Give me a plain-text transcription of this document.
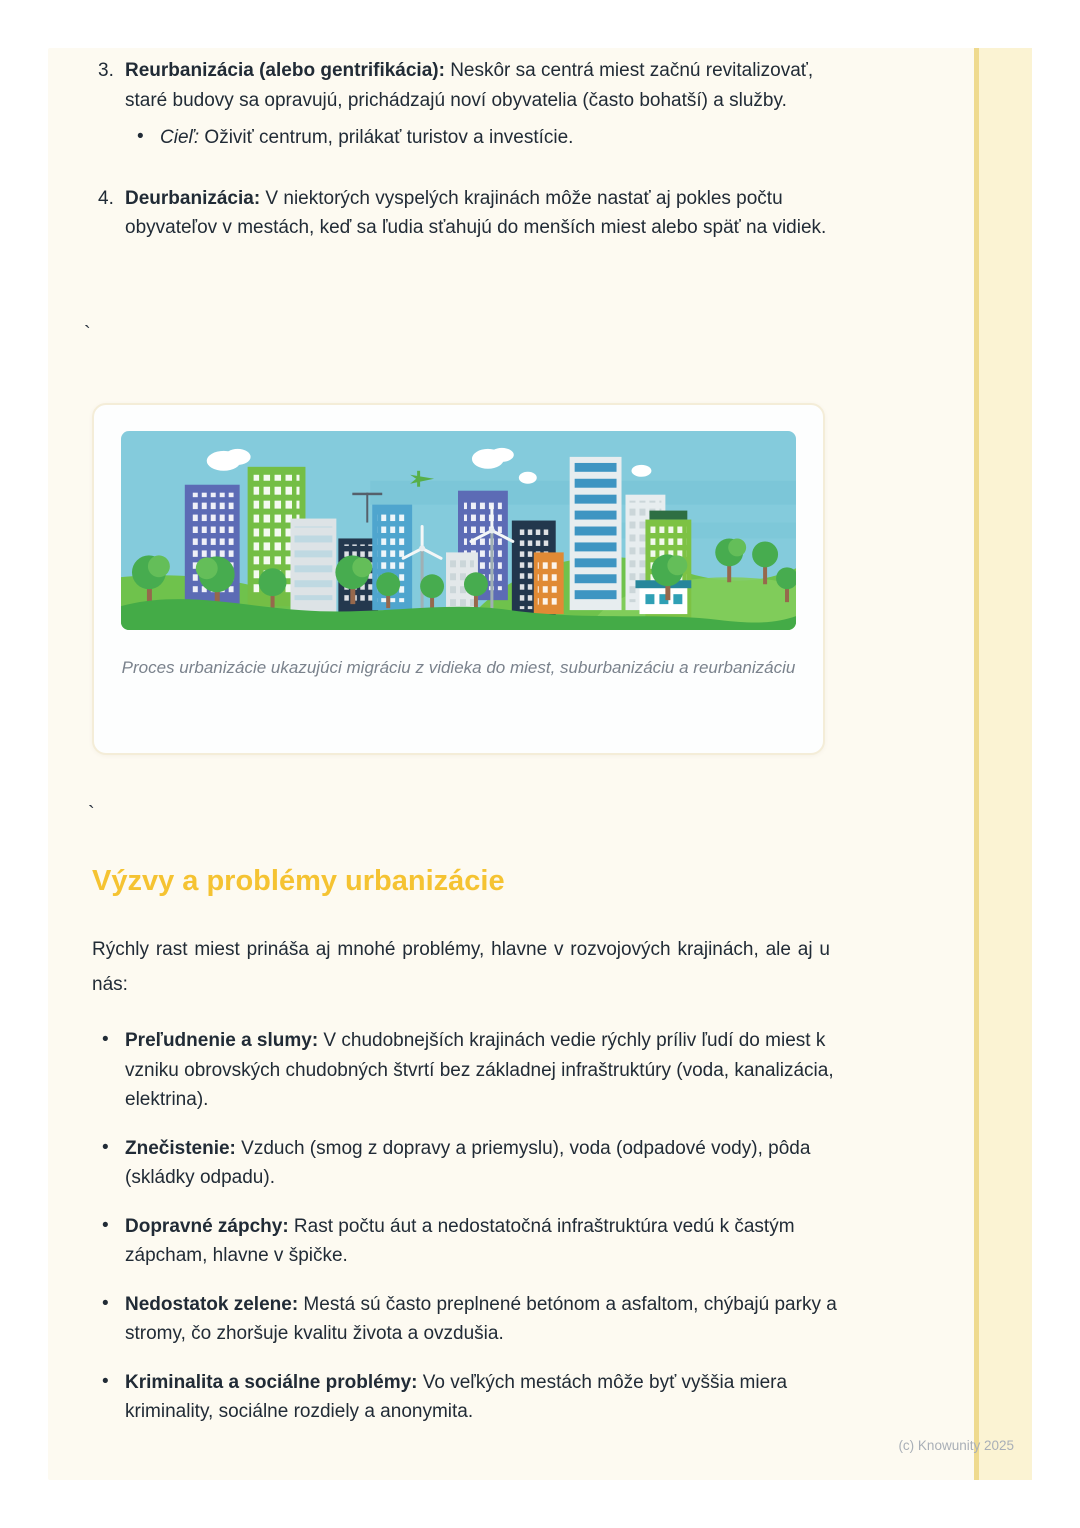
3. Reurbanizácia (alebo gentrifikácia): Neskôr sa centrá miest začnú revitalizovať, staré budovy sa opravujú, prichádzajú noví obyvatelia (často bohatší) a služby.
• Cieľ: Oživiť centrum, prilákať turistov a investície.
4. Deurbanizácia: V niektorých vyspelých krajinách môže nastať aj pokles počtu obyvateľov v mestách, keď sa ľudia sťahujú do menších miest alebo späť na vidiek.
`
Proces urbanizácie ukazujúci migráciu z vidieka do miest, suburbanizáciu a reurbanizáciu
`
Výzvy a problémy urbanizácie
Rýchly rast miest prináša aj mnohé problémy, hlavne v rozvojových krajinách, ale aj u nás:
• Preľudnenie a slumy: V chudobnejších krajinách vedie rýchly príliv ľudí do miest k vzniku obrovských chudobných štvrtí bez základnej infraštruktúry (voda, kanalizácia, elektrina).
• Znečistenie: Vzduch (smog z dopravy a priemyslu), voda (odpadové vody), pôda (skládky odpadu).
• Dopravné zápchy: Rast počtu áut a nedostatočná infraštruktúra vedú k častým zápcham, hlavne v špičke.
• Nedostatok zelene: Mestá sú často preplnené betónom a asfaltom, chýbajú parky a stromy, čo zhoršuje kvalitu života a ovzdušia.
• Kriminalita a sociálne problémy: Vo veľkých mestách môže byť vyššia miera kriminality, sociálne rozdiely a anonymita.
(c) Knowunity 2025
